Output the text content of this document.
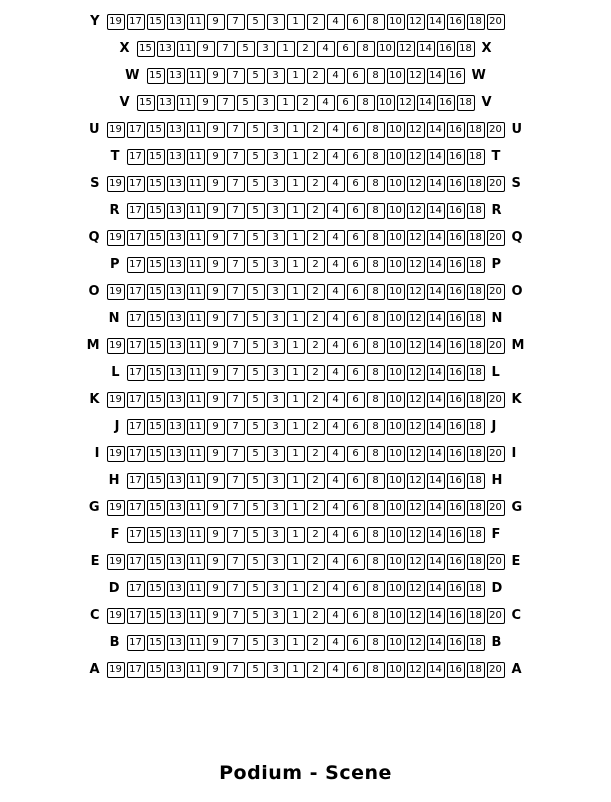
Y 19 17 15 13 11	9	7	5	3	1	2	4	6	8	10 12 14 16 18 20
X 15 13 11	9	7	5	3	1	2	4	6	8	10 12 14 16 18 X
W 15 13 11	9	7	5	3	1	2	4	6	8	10 12 14 16 W
V 15 13 11	9	7	5	3	1	2	4	6	8	10 12 14 16 18 V
U 19 17 15 13 11	9	7	5	3	1	2	4	6	8	10 12 14 16 18 20 U
T 17 15 13 11	9	7	5	3	1	2	4	6	8	10 12 14 16 18 T
S 19 17 15 13 11	9	7	5	3	1	2	4	6	8	10 12 14 16 18 20 S
R 17 15 13 11	9	7	5	3	1	2	4	6	8	10 12 14 16 18 R
Q 19 17 15 13 11	9	7	5	3	1	2	4	6	8	10 12 14 16 18 20 Q
P 17 15 13 11	9	7	5	3	1	2	4	6	8	10 12 14 16 18 P
O 19 17 15 13 11	9	7	5	3	1	2	4	6	8	10 12 14 16 18 20 O
N 17 15 13 11	9	7	5	3	1	2	4	6	8	10 12 14 16 18 N
M 19 17 15 13 11	9	7	5	3	1	2	4	6	8	10 12 14 16 18 20 M
L 17 15 13 11	9	7	5	3	1	2	4	6	8	10 12 14 16 18 L
K 19 17 15 13 11	9	7	5	3	1	2	4	6	8	10 12 14 16 18 20 K
J 17 15 13 11	9	7	5	3	1	2	4	6	8	10 12 14 16 18 J
I 19 17 15 13 11	9	7	5	3	1	2	4	6	8	10 12 14 16 18 20 I
H 17 15 13 11	9	7	5	3	1	2	4	6	8	10 12 14 16 18 H
G 19 17 15 13 11	9	7	5	3	1	2	4	6	8	10 12 14 16 18 20 G
F 17 15 13 11	9	7	5	3	1	2	4	6	8	10 12 14 16 18 F
E 19 17 15 13 11	9	7	5	3	1	2	4	6	8	10 12 14 16 18 20 E
D 17 15 13 11	9	7	5	3	1	2	4	6	8	10 12 14 16 18 D
C 19 17 15 13 11	9	7	5	3	1	2	4	6	8	10 12 14 16 18 20 C
B 17 15 13 11	9	7	5	3	1	2	4	6	8	10 12 14 16 18 B
A 19 17 15 13 11	9	7	5	3	1	2	4	6	8	10 12 14 16 18 20 A
Podium - Scene
